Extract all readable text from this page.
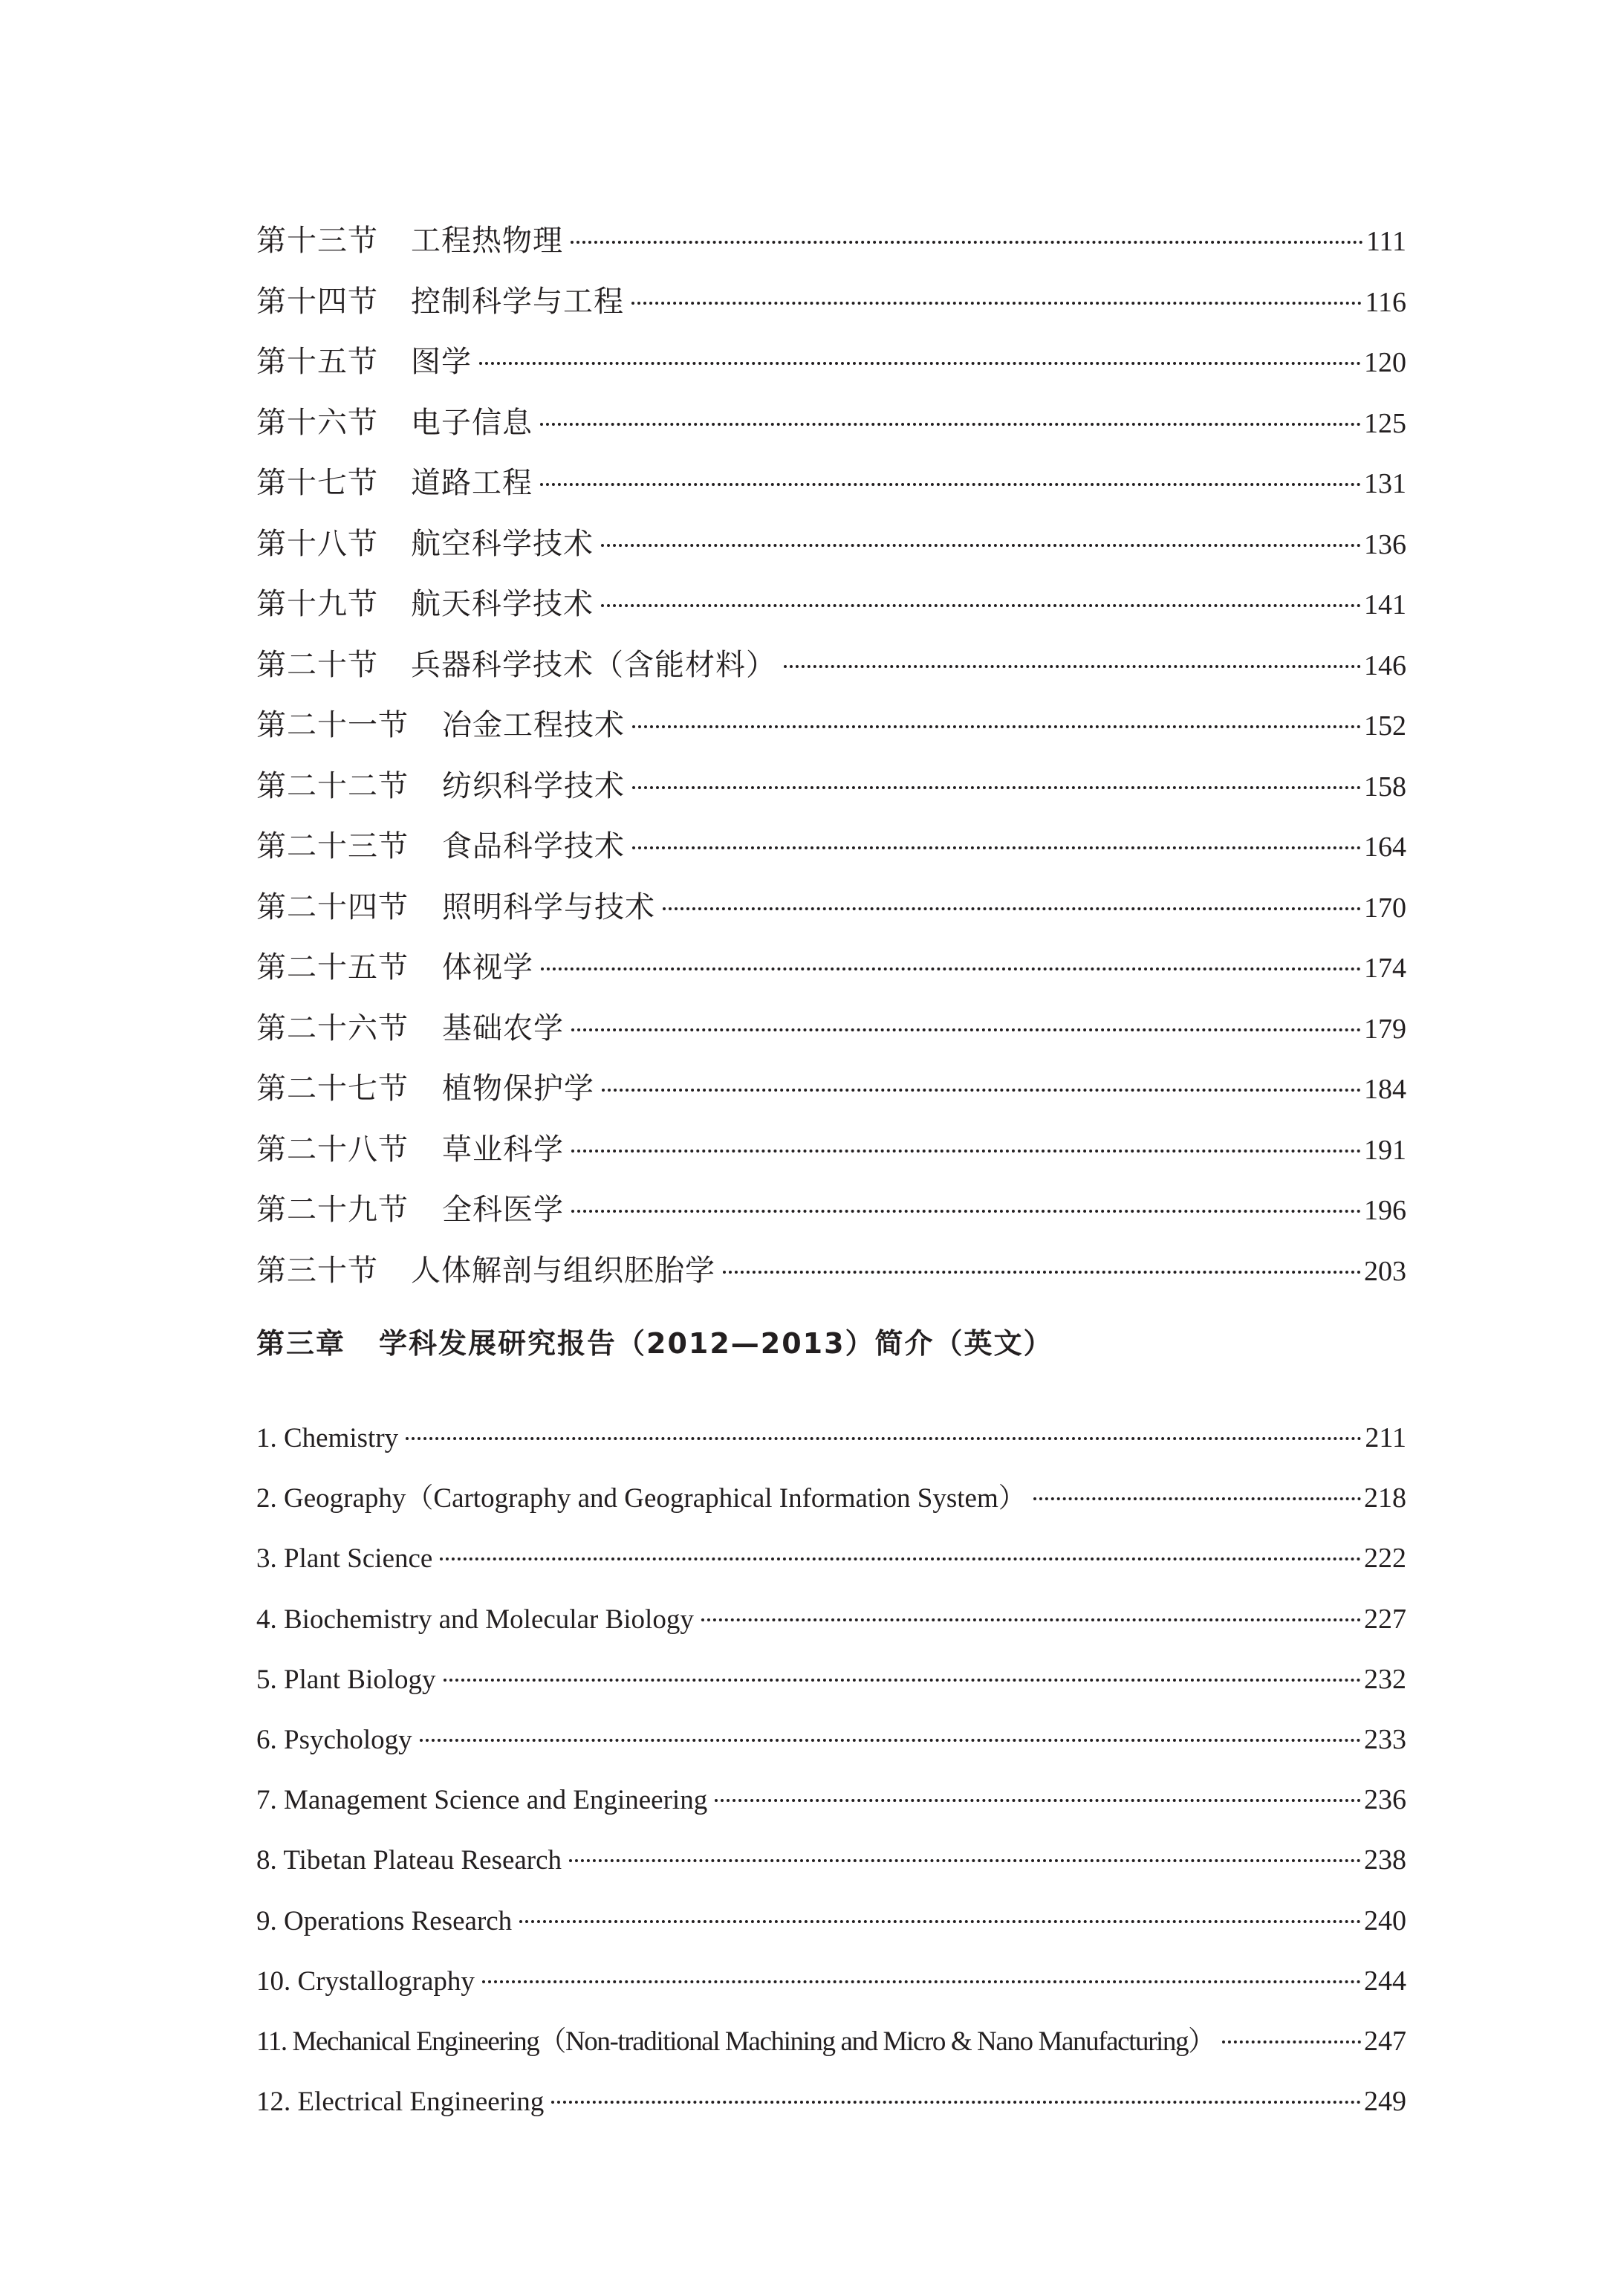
第十三节	工程热物理	111
第十四节	控制科学与工程	116
第十五节	图学	120
第十六节	电子信息	125
第十七节	道路工程	131
第十八节	航空科学技术	136
第十九节	航天科学技术	141
第二十节	兵器科学技术（含能材料）	146
第二十一节	冶金工程技术	152
第二十二节	纺织科学技术	158
第二十三节	食品科学技术	164
第二十四节	照明科学与技术	170
第二十五节	体视学	174
第二十六节	基础农学	179
第二十七节	植物保护学	184
第二十八节	草业科学	191
第二十九节	全科医学	196
第三十节	人体解剖与组织胚胎学	203
第三章 学科发展研究报告（2012—2013）简介（英文）
1. Chemistry	211
2. Geography（Cartography and Geographical Information System）	218
3. Plant Science	222
4. Biochemistry and Molecular Biology	227
5. Plant Biology	232
6. Psychology	233
7. Management Science and Engineering	236
8. Tibetan Plateau Research	238
9. Operations Research	240
10. Crystallography	244
11. Mechanical Engineering（Non-traditional Machining and Micro & Nano Manufacturing）	247
12. Electrical Engineering	249
